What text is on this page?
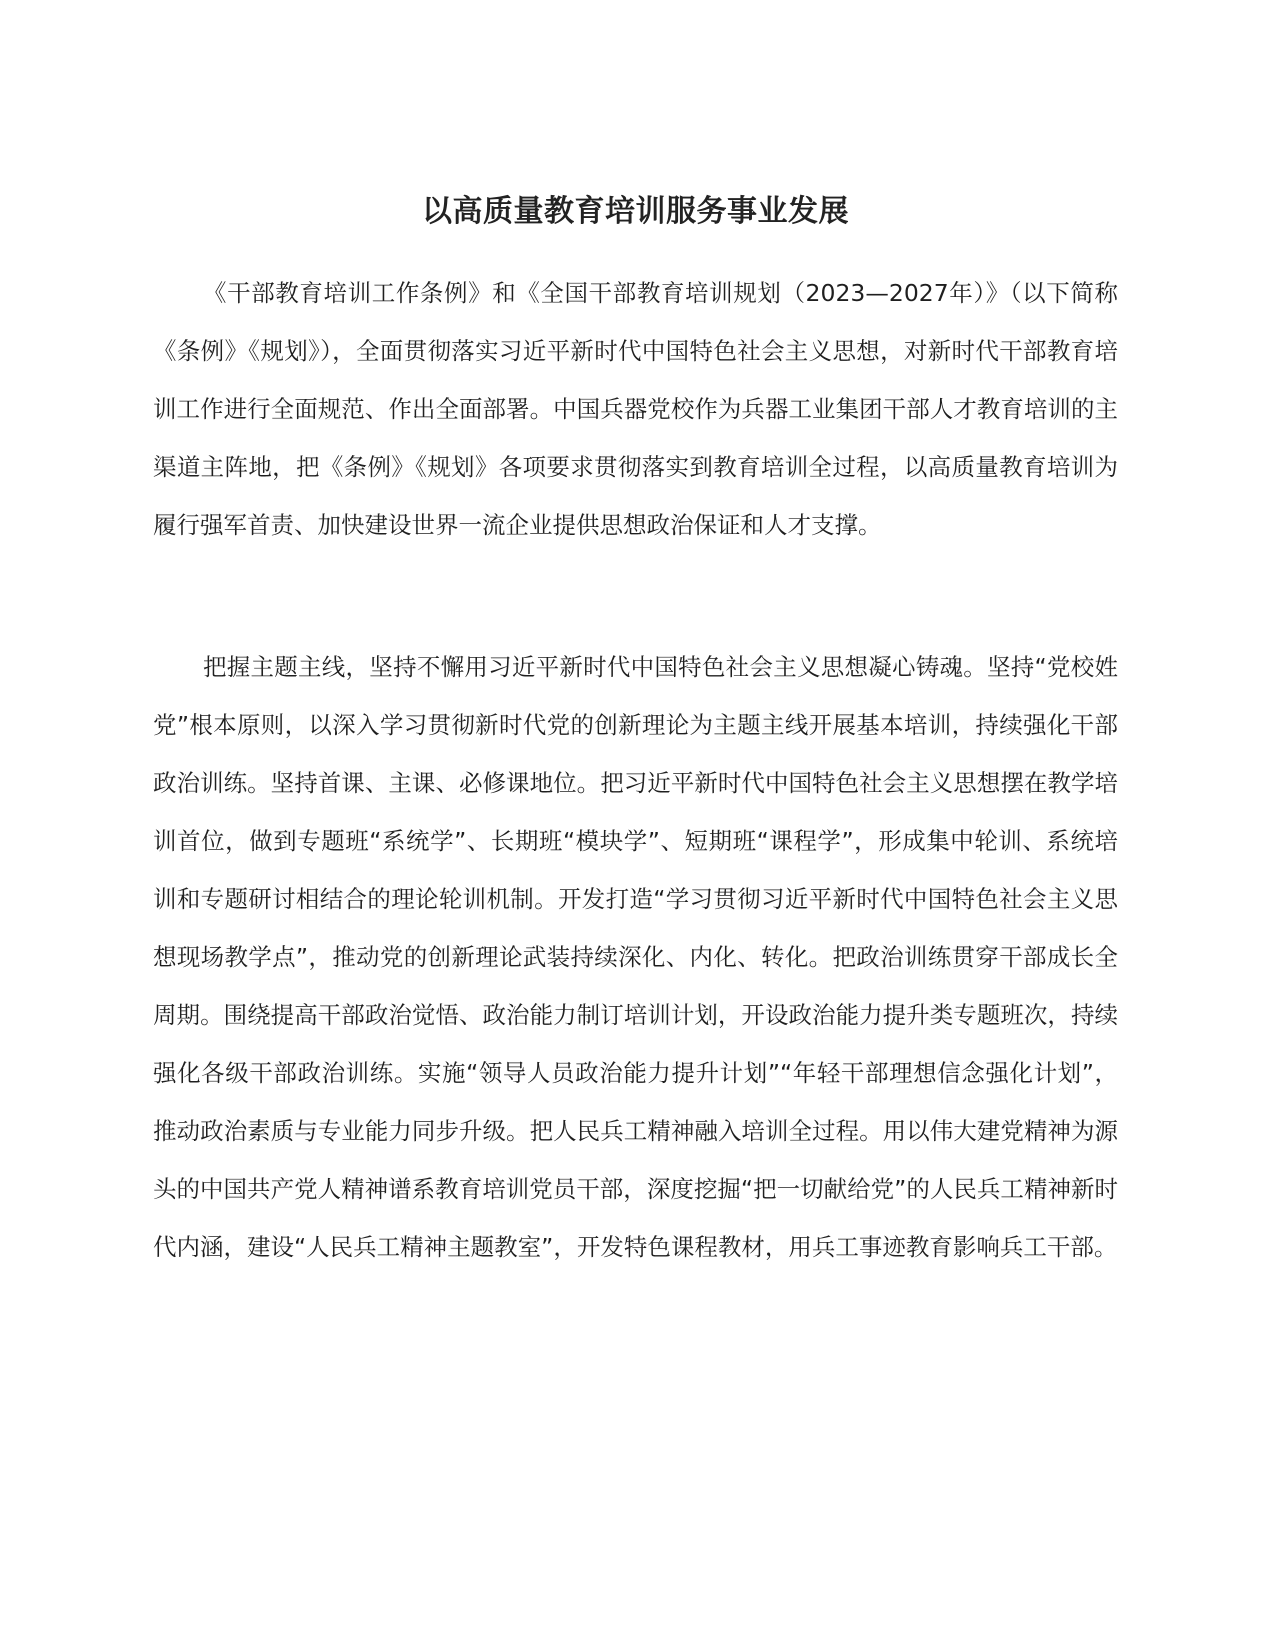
以高质量教育培训服务事业发展

《干部教育培训工作条例》和《全国干部教育培训规划（2023—2027年）》（以下简称《条例》《规划》），全面贯彻落实习近平新时代中国特色社会主义思想，对新时代干部教育培训工作进行全面规范、作出全面部署。中国兵器党校作为兵器工业集团干部人才教育培训的主渠道主阵地，把《条例》《规划》各项要求贯彻落实到教育培训全过程，以高质量教育培训为履行强军首责、加快建设世界一流企业提供思想政治保证和人才支撑。

把握主题主线，坚持不懈用习近平新时代中国特色社会主义思想凝心铸魂。坚持“党校姓党”根本原则，以深入学习贯彻新时代党的创新理论为主题主线开展基本培训，持续强化干部政治训练。坚持首课、主课、必修课地位。把习近平新时代中国特色社会主义思想摆在教学培训首位，做到专题班“系统学”、长期班“模块学”、短期班“课程学”，形成集中轮训、系统培训和专题研讨相结合的理论轮训机制。开发打造“学习贯彻习近平新时代中国特色社会主义思想现场教学点”，推动党的创新理论武装持续深化、内化、转化。把政治训练贯穿干部成长全周期。围绕提高干部政治觉悟、政治能力制订培训计划，开设政治能力提升类专题班次，持续强化各级干部政治训练。实施“领导人员政治能力提升计划”“年轻干部理想信念强化计划”，推动政治素质与专业能力同步升级。把人民兵工精神融入培训全过程。用以伟大建党精神为源头的中国共产党人精神谱系教育培训党员干部，深度挖掘“把一切献给党”的人民兵工精神新时代内涵，建设“人民兵工精神主题教室”，开发特色课程教材，用兵工事迹教育影响兵工干部。
